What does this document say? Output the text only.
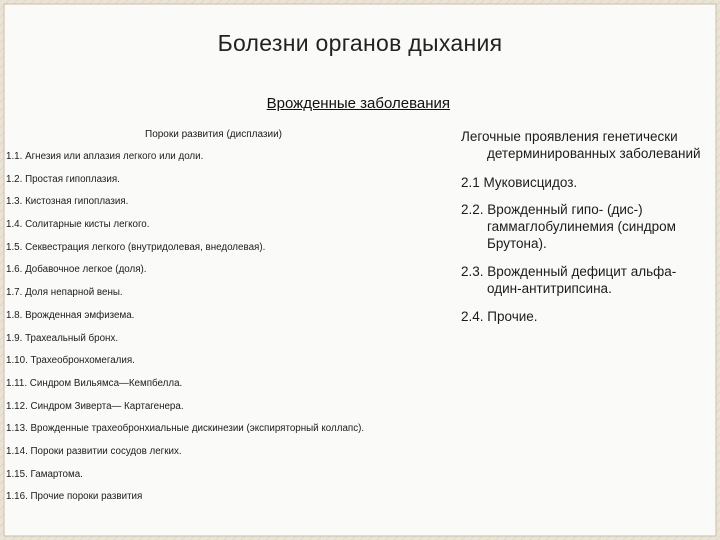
Болезни органов дыхания
Врожденные заболевания
Пороки развития (дисплазии)
1.1. Агнезия или аплазия легкого или доли.
1.2. Простая гипоплазия.
1.3. Кистозная гипоплазия.
1.4. Солитарные кисты легкого.
1.5. Секвестрация легкого (внутридолевая, внедолевая).
1.6. Добавочное легкое (доля).
1.7. Доля непарной вены.
1.8. Врожденная эмфизема.
1.9. Трахеальный бронх.
1.10. Трахеобронхомегалия.
1.11. Синдром Вильямса—Кемпбелла.
1.12. Синдром Зиверта— Картагенера.
1.13. Врожденные трахеобронхиальные дискинезии (экспиряторный коллапс).
1.14. Пороки развитии сосудов легких.
1.15. Гамартома.
1.16. Прочие пороки развития
Легочные проявления генетически детерминированных заболеваний
2.1 Муковисцидоз.
2.2. Врожденный гипо- (дис-) гаммаглобулинемия (синдром Брутона).
2.3. Врожденный дефицит альфа-один-антитрипсина.
2.4. Прочие.
